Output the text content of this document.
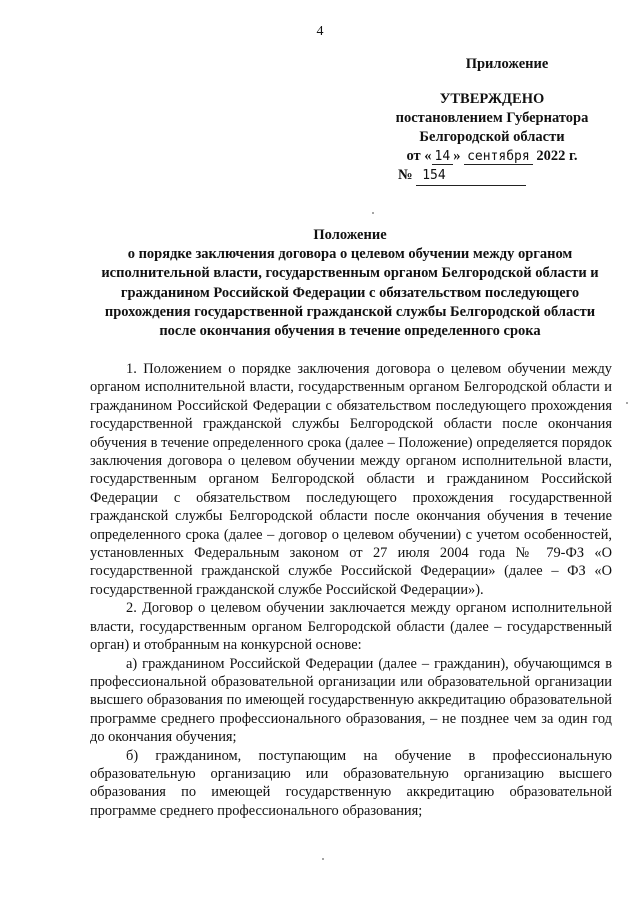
4
Приложение
УТВЕРЖДЕНО
постановлением Губернатора
Белгородской области
от « 14 » сентября 2022 г.
№ 154
Положение
о порядке заключения договора о целевом обучении между органом исполнительной власти, государственным органом Белгородской области и гражданином Российской Федерации с обязательством последующего прохождения государственной гражданской службы Белгородской области после окончания обучения в течение определенного срока

1. Положением о порядке заключения договора о целевом обучении между органом исполнительной власти, государственным органом Белгородской области и гражданином Российской Федерации с обязательством последующего прохождения государственной гражданской службы Белгородской области после окончания обучения в течение определенного срока (далее – Положение) определяется порядок заключения договора о целевом обучении между органом исполнительной власти, государственным органом Белгородской области и гражданином Российской Федерации с обязательством последующего прохождения государственной гражданской службы Белгородской области после окончания обучения в течение определенного срока (далее – договор о целевом обучении) с учетом особенностей, установленных Федеральным законом от 27 июля 2004 года № 79-ФЗ «О государственной гражданской службе Российской Федерации» (далее – ФЗ «О государственной гражданской службе Российской Федерации»).

2. Договор о целевом обучении заключается между органом исполнительной власти, государственным органом Белгородской области (далее – государственный орган) и отобранным на конкурсной основе:

а) гражданином Российской Федерации (далее – гражданин), обучающимся в профессиональной образовательной организации или образовательной организации высшего образования по имеющей государственную аккредитацию образовательной программе среднего профессионального образования, – не позднее чем за один год до окончания обучения;

б) гражданином, поступающим на обучение в профессиональную образовательную организацию или образовательную организацию высшего образования по имеющей государственную аккредитацию образовательной программе среднего профессионального образования;
